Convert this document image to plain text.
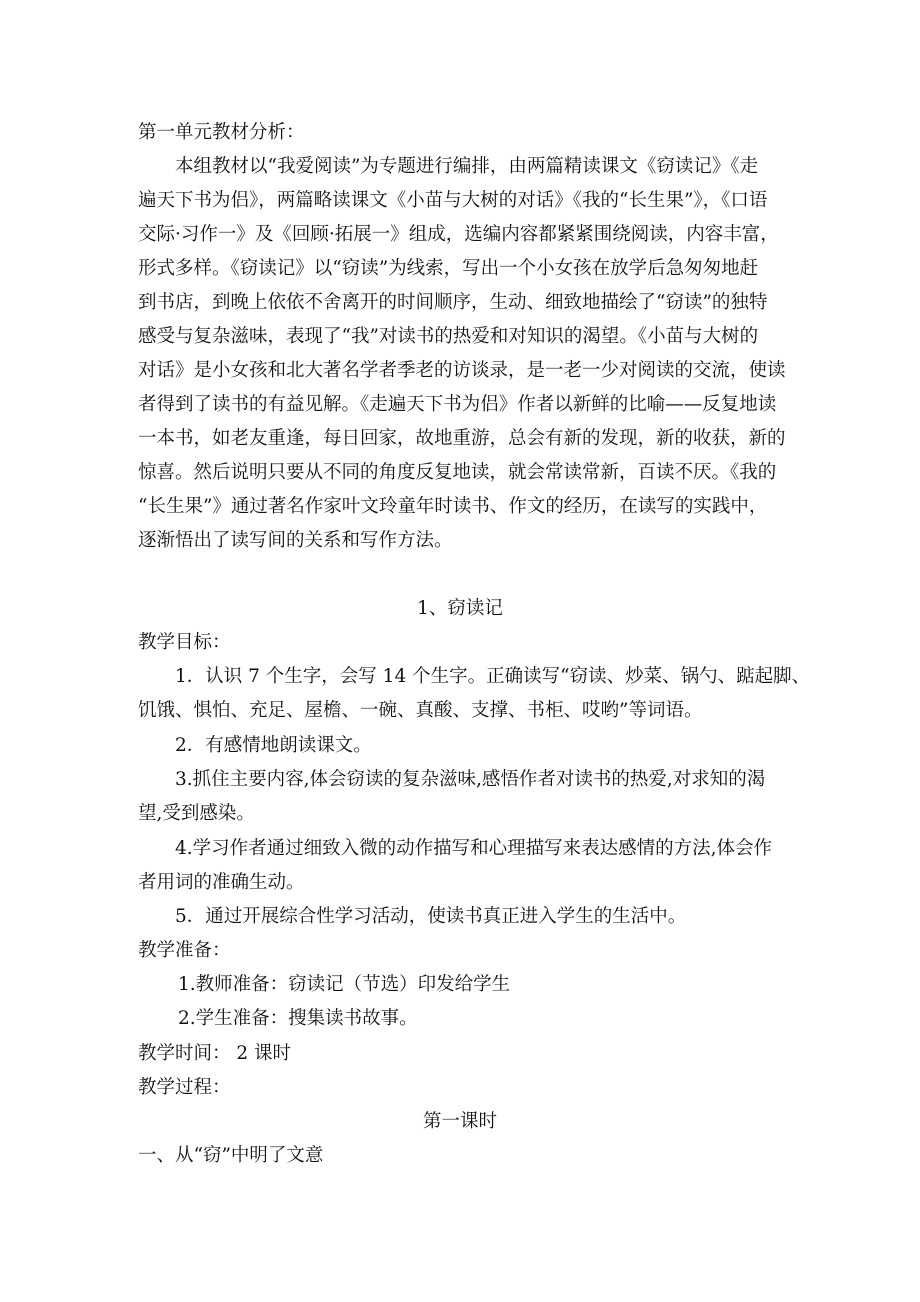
第一单元教材分析：

本组教材以“我爱阅读”为专题进行编排，由两篇精读课文《窃读记》《走

遍天下书为侣》，两篇略读课文《小苗与大树的对话》《我的“长生果”》，《口语

交际·习作一》及《回顾·拓展一》组成，选编内容都紧紧围绕阅读，内容丰富，

形式多样。《窃读记》以“窃读”为线索，写出一个小女孩在放学后急匆匆地赶

到书店，到晚上依依不舍离开的时间顺序，生动、细致地描绘了“窃读”的独特

感受与复杂滋味，表现了“我”对读书的热爱和对知识的渴望。《小苗与大树的

对话》是小女孩和北大著名学者季老的访谈录，是一老一少对阅读的交流，使读

者得到了读书的有益见解。《走遍天下书为侣》作者以新鲜的比喻——反复地读

一本书，如老友重逢，每日回家，故地重游，总会有新的发现，新的收获，新的

惊喜。然后说明只要从不同的角度反复地读，就会常读常新，百读不厌。《我的

“长生果”》通过著名作家叶文玲童年时读书、作文的经历，在读写的实践中，

逐渐悟出了读写间的关系和写作方法。

1、窃读记

教学目标：

1．认识 7 个生字，会写 14 个生字。正确读写“窃读、炒菜、锅勺、踮起脚、

饥饿、惧怕、充足、屋檐、一碗、真酸、支撑、书柜、哎哟”等词语。

2．有感情地朗读课文。

3.抓住主要内容,体会窃读的复杂滋味,感悟作者对读书的热爱,对求知的渴

望,受到感染。

4.学习作者通过细致入微的动作描写和心理描写来表达感情的方法,体会作

者用词的准确生动。

5．通过开展综合性学习活动，使读书真正进入学生的生活中。

教学准备：

1.教师准备：窃读记（节选）印发给学生

2.学生准备：搜集读书故事。

教学时间： 2 课时

教学过程：

第一课时

一、从“窃”中明了文意
